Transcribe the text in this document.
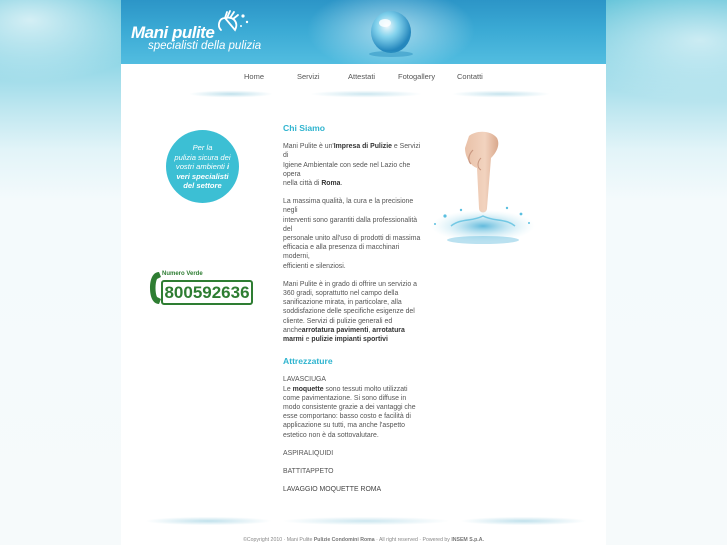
Mani pulite
specialisti della pulizia
Home	Servizi	Attestati	Fotogallery	Contatti
Per la
pulizia sicura dei
vostri ambienti i
veri specialisti
del settore
Numero Verde
800592636
Chi Siamo

Mani Pulite è un'Impresa di Pulizie e Servizi di
Igiene Ambientale con sede nel Lazio che opera
nella città di Roma.

La massima qualità, la cura e la precisione negli
interventi sono garantiti dalla professionalità del
personale unito all'uso di prodotti di massima
efficacia e alla presenza di macchinari moderni,
efficienti e silenziosi.

Mani Pulite è in grado di offrire un servizio a
360 gradi, soprattutto nel campo della
sanificazione mirata, in particolare, alla
soddisfazione delle specifiche esigenze del
cliente. Servizi di pulizie generali ed
anchearrotatura pavimenti, arrotatura
marmi e pulizie impianti sportivi

Attrezzature

LAVASCIUGA
Le moquette sono tessuti molto utilizzati
come pavimentazione. Si sono diffuse in
modo consistente grazie a dei vantaggi che
esse comportano: basso costo e facilità di
applicazione su tutti, ma anche l'aspetto
estetico non è da sottovalutare.

ASPIRALIQUIDI

BATTITAPPETO

LAVAGGIO MOQUETTE ROMA

©Copyright 2010 · Mani Pulite Pulizie Condomini Roma · All right reserved · Powered by INSEM S.p.A.
